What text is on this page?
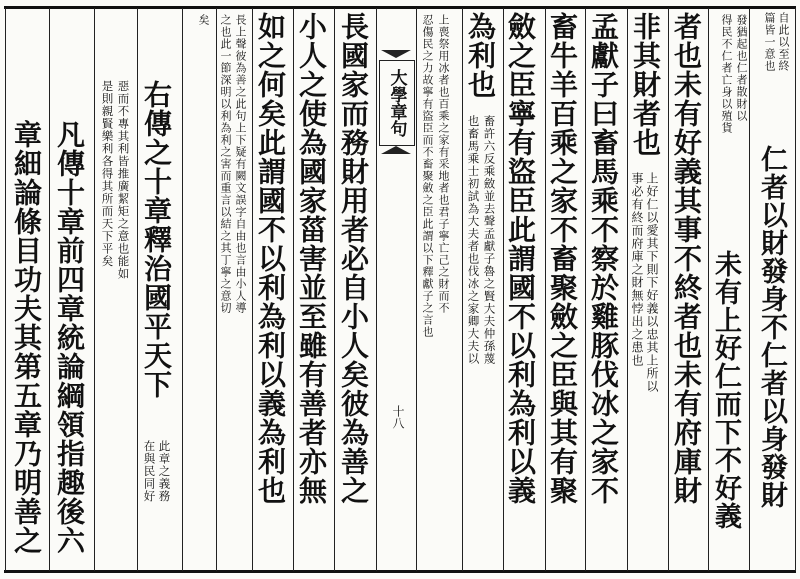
自此以至終
篇皆一意也
仁者以財發身不仁者以身發財
發猶起也仁者散財以
得民不仁者亡身以殖貨
未有上好仁而下不好義
者也未有好義其事不終者也未有府庫財
非其財者也
上好仁以愛其下則下好義以忠其上所以
事必有終而府庫之財無悖出之患也
孟獻子曰畜馬乘不察於雞豚伐冰之家不
畜牛羊百乘之家不畜聚斂之臣與其有聚
斂之臣寧有盜臣此謂國不以利為利以義
為利也
畜許六反乘斂並去聲孟獻子魯之賢大夫仲孫蔑
也畜馬乘士初試為大夫者也伐冰之家卿大夫以
上喪祭用冰者也百乘之家有采地者也君子寧亡己之財而不
忍傷民之力故寧有盜臣而不畜聚斂之臣此謂以下釋獻子之言也
大學章句
十八
長國家而務財用者必自小人矣彼為善之
小人之使為國家菑害並至雖有善者亦無
如之何矣此謂國不以利為利以義為利也
長上聲彼為善之此句上下疑有闕文誤字自由也言由小人導
之也此一節深明以利為利之害而重言以結之其丁寧之意切
矣
右傳之十章釋治國平天下
此章之義務
在與民同好
惡而不專其利皆推廣絜矩之意也能如
是則親賢樂利各得其所而天下平矣
凡傳十章前四章統論綱領指趣後六
章細論條目功夫其第五章乃明善之
